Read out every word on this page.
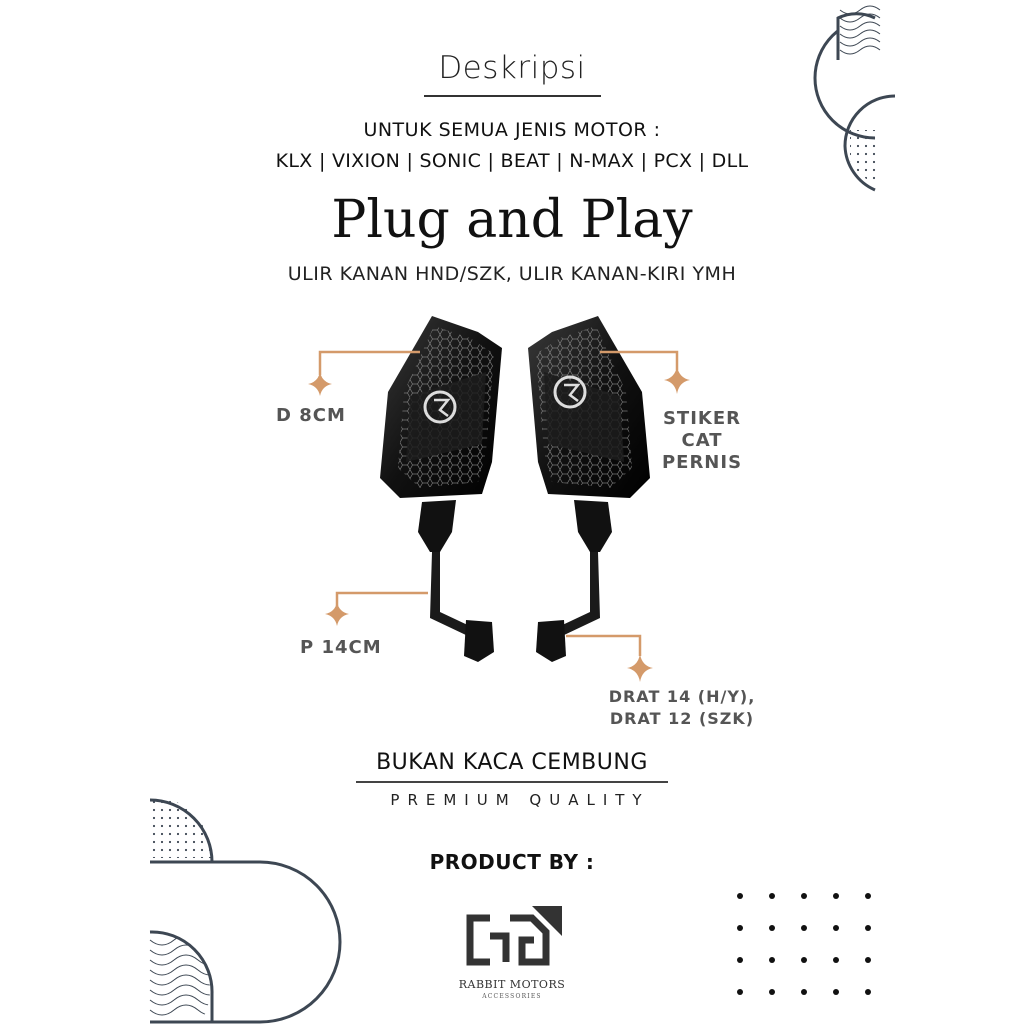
Deskripsi
UNTUK SEMUA JENIS MOTOR :
KLX | VIXION | SONIC | BEAT | N-MAX | PCX | DLL
Plug and Play
ULIR KANAN HND/SZK, ULIR KANAN-KIRI YMH
D 8CM	STIKER CAT
PERNIS
P 14CM
DRAT 14 (H/Y),
DRAT 12 (SZK)
BUKAN KACA CEMBUNG
PREMIUM QUALITY
PRODUCT BY :
RABBIT MOTORS
ACCESSORIES
